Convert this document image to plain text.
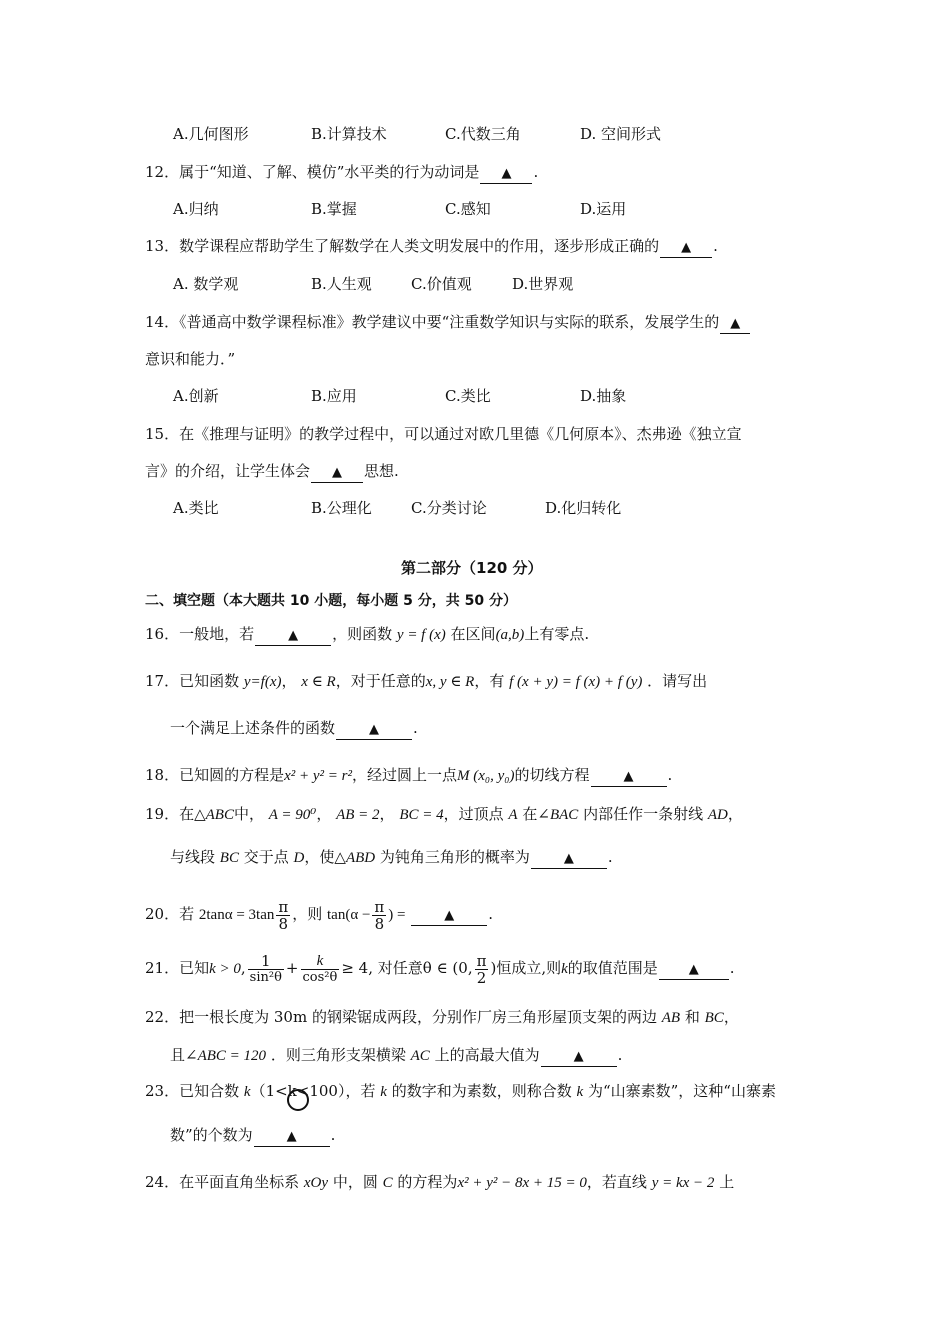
A.几何图形	B.计算技术	C.代数三角	D. 空间形式
12．属于“知道、了解、模仿”水平类的行为动词是 ▲ .
A.归纳	B.掌握	C.感知	D.运用
13．数学课程应帮助学生了解数学在人类文明发展中的作用，逐步形成正确的 ▲ .
A. 数学观	B.人生观	C.价值观	D.世界观
14．《普通高中数学课程标准》教学建议中要“注重数学知识与实际的联系，发展学生的 ▲
意识和能力．”
A.创新	B.应用	C.类比	D.抽象
15．在《推理与证明》的教学过程中，可以通过对欧几里德《几何原本》、杰弗逊《独立宣
言》的介绍，让学生体会 ▲ 思想.
A.类比	B.公理化	C.分类讨论	D.化归转化
第二部分（120 分）
二、填空题（本大题共 10 小题，每小题 5 分，共 50 分）
16．一般地，若	▲ ，则函数 y = f (x) 在区间(a,b)上有零点.
17．已知函数 y=f(x)， x ∈ R，对于任意的x, y ∈ R，有 f (x + y) = f (x) + f (y) ．请写出
一个满足上述条件的函数	▲ .
18．已知圆的方程是x² + y² = r²，经过圆上一点M (x₀, y₀)的切线方程	▲ .
19．在△ABC中， A = 90⁰， AB = 2， BC = 4，过顶点 A 在∠BAC 内部任作一条射线 AD，
与线段 BC 交于点 D，使△ABD 为钝角三角形的概率为	▲ .
20．若 $2\tan\alpha = 3\tan \frac{\pi}{8}$ ，则 $\tan(\alpha - \frac{\pi}{8}$ ) =	▲ .
21．已知k > 0, $\frac{1}{\text{sin²θ}} + \frac{k}{\text{cos²θ}} \ge 4$, 对任意θ ∈ (0, $\frac{\pi}{2}$ )恒成立,则k的取值范围是 ▲ .
22．把一根长度为 30m 的钢梁锯成两段，分别作厂房三角形屋顶支架的两边 AB 和 BC，
且∠ABC = 120 ．则三角形支架横梁 AC 上的高最大值为	▲ .
23．已知合数 k（1<k<100），若 k 的数字和为素数，则称合数 k 为“山寨素数”，这种“山寨素
数”的个数为	▲ .
24．在平面直角坐标系 xOy 中，圆 C 的方程为x² + y² − 8x + 15 = 0，若直线 y = kx − 2 上
